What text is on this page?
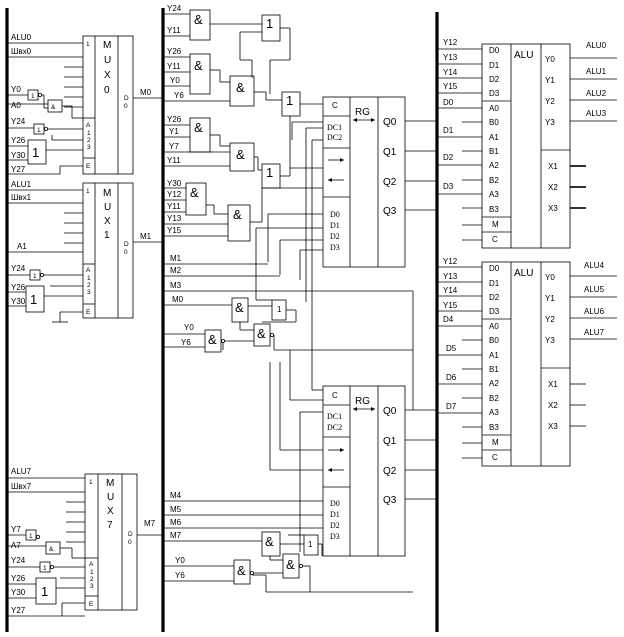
1 M
U
X
0
D
0
A
1
2
3
E
ALU0
Швх0
M0
Y0
1
A0	&
Y24
1
Y26
Y30 1
Y27
1 M
U
X
1
D
0
A
1
2
3
E
ALU1
Швх1
A1
M1
Y24
1
Y26
Y30 1
1 M
U
X
7
D
0
A
1
2
3
E
ALU7
Швх7
M7
Y7
1
A7	&
Y24
1
Y26
Y30 1
Y27
Y24
Y11
&
Y26
Y11
Y0
&
Y6
&
1
1
Y26
Y1 &
Y7
Y11	&
1
Y30
Y12 &
Y11
Y13
Y15
&
C
RG
DC1
DC2
D0
D1
D2
D3
Q0
Q1
Q2
Q3
M1
M2
M3
M0
&	1
Y0
Y6 &	&
C
RG
DC1
DC2
D0
D1
D2
D3
Q0
Q1
Q2
Q3
M4
M5
M6
M7	&	1
Y0
Y6	&	&
ALU
D0
D1
D2
D3
A0
B0
A1
B1
A2
B2
A3
B3
M
C
Y0
Y1
Y2
Y3
X1
X2
X3
Y12
Y13
Y14
Y15
D0
D1
D2
D3
ALU0
ALU1
ALU2
ALU3
ALU
D0
D1
D2
D3
A0
B0
A1
B1
A2
B2
A3
B3
M
C
Y0
Y1
Y2
Y3
X1
X2
X3
Y12
Y13
Y14
Y15
D4
D5
D6
D7
ALU4
ALU5
ALU6
ALU7
